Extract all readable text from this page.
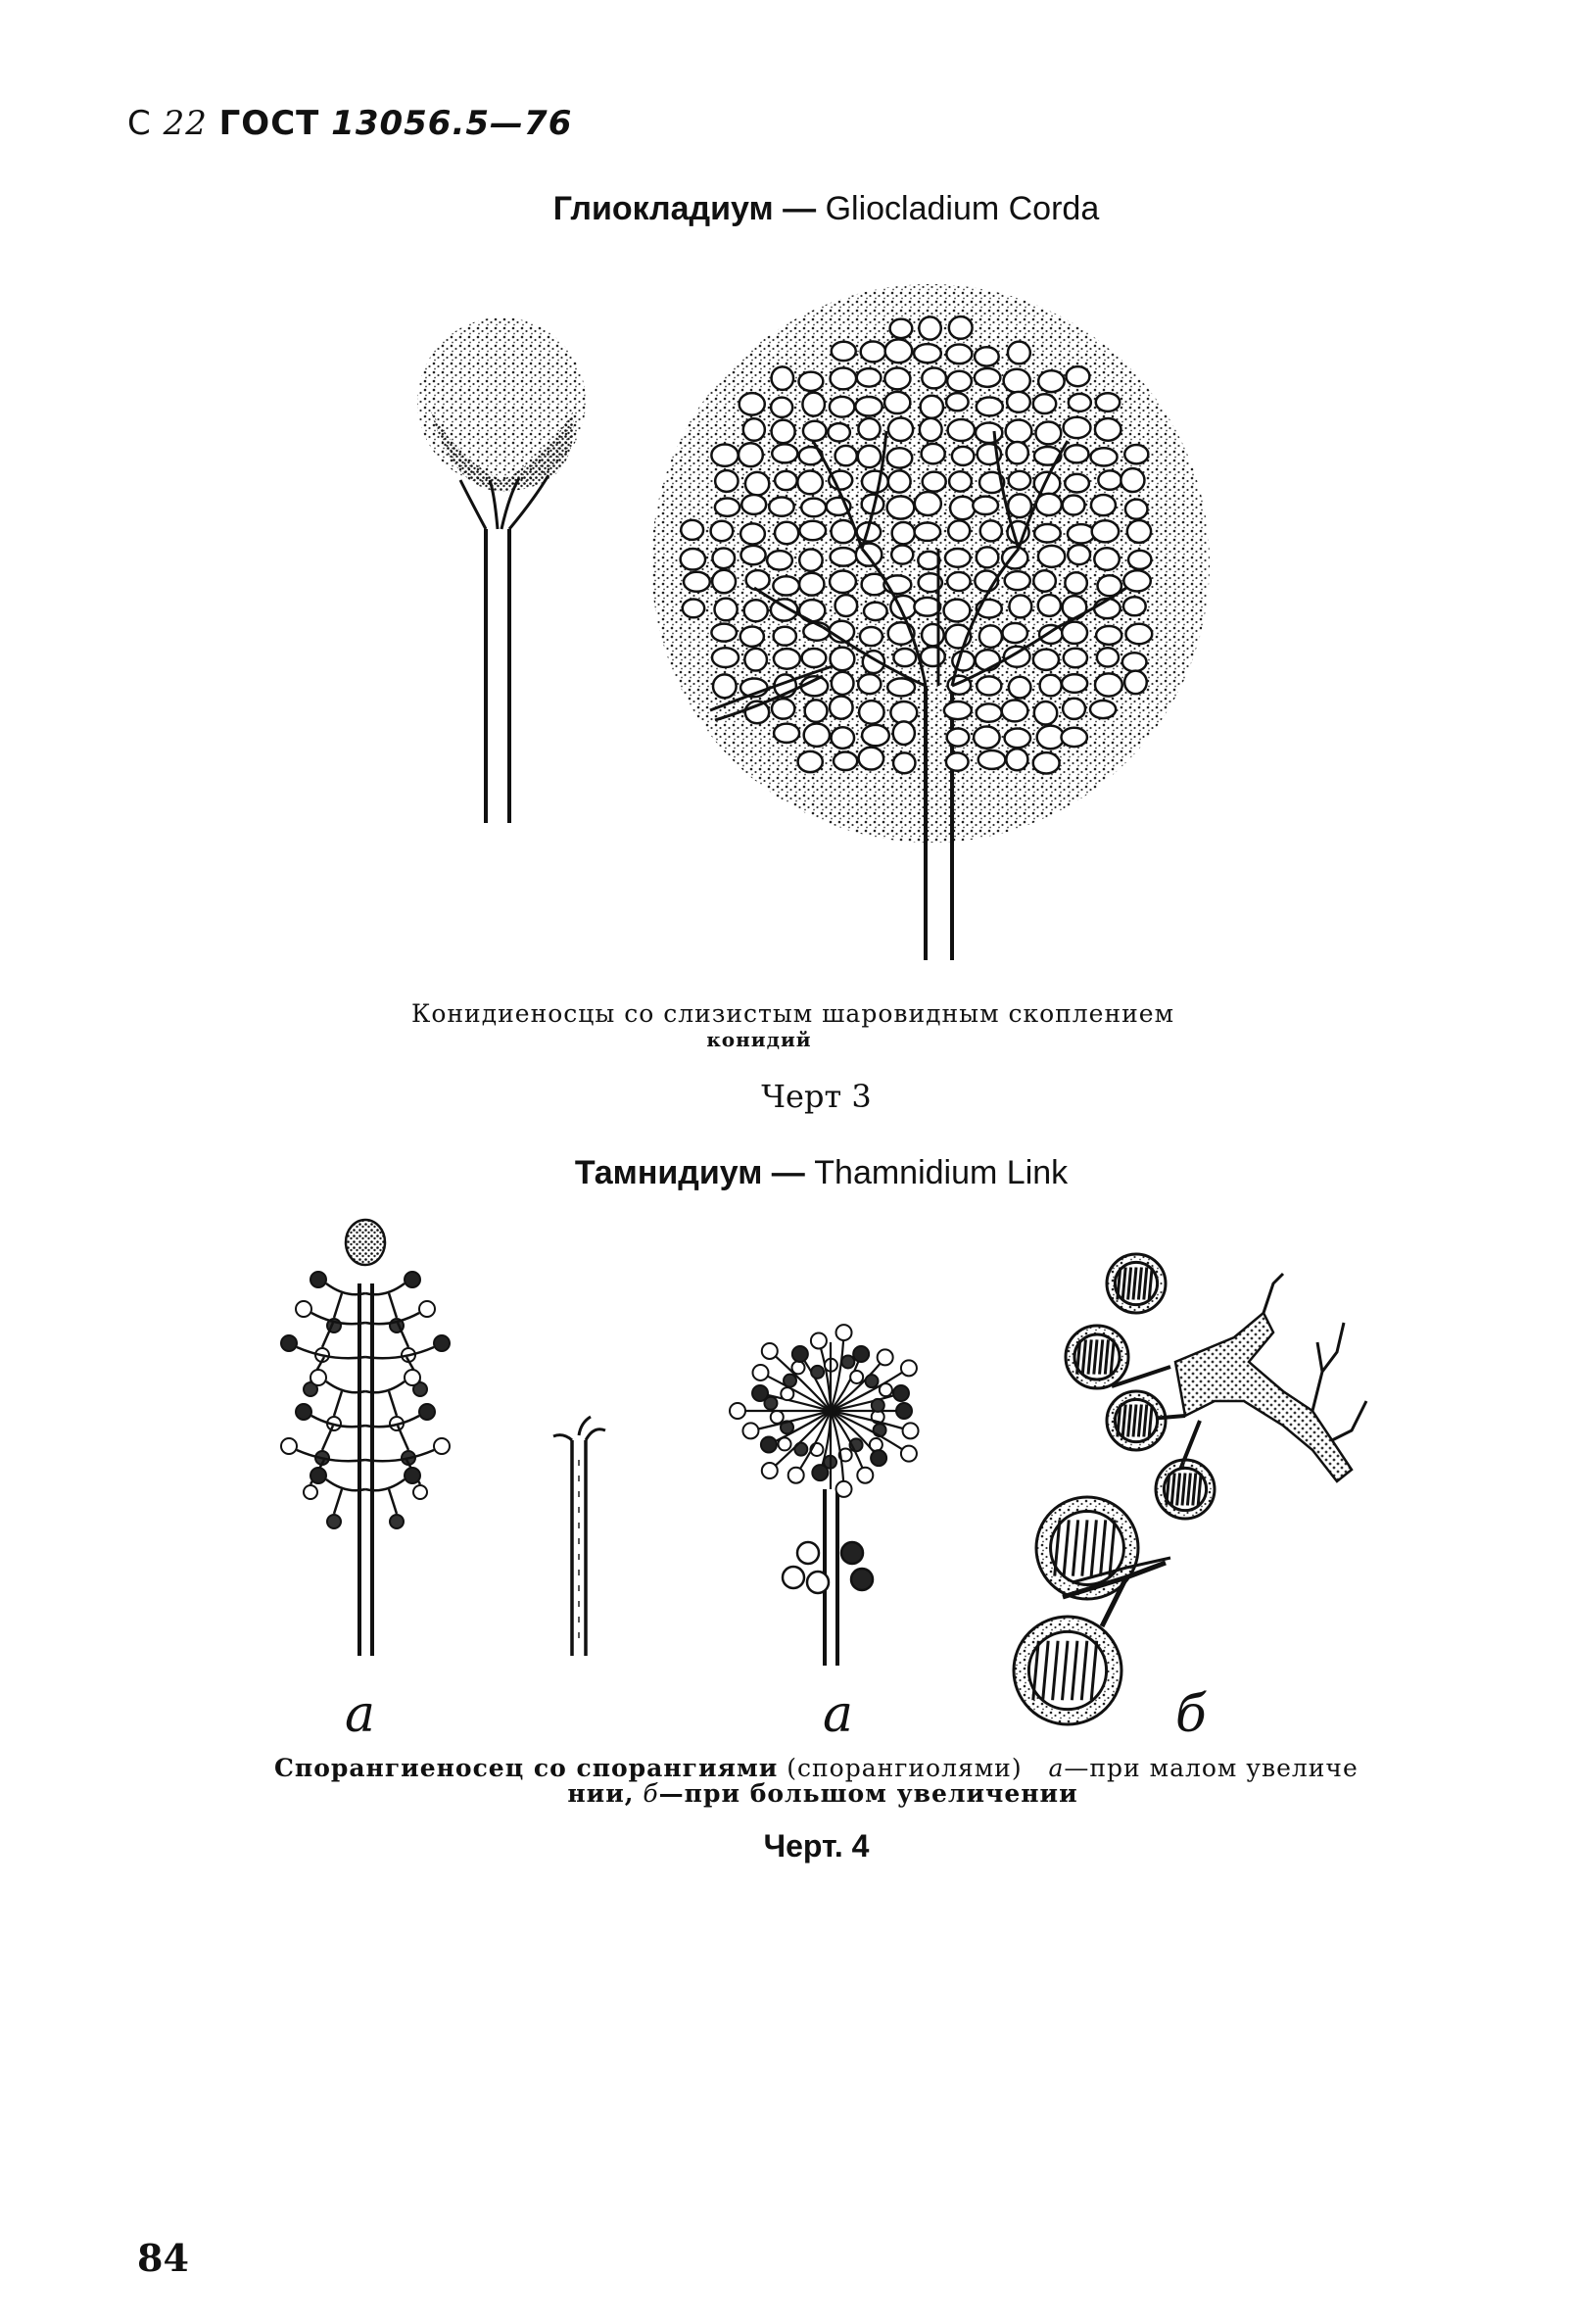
С 22 ГОСТ 13056.5—76
Глиокладиум — Gliocladium Corda
Конидиеносцы со слизистым шаровидным скоплением
конидий
Черт 3
Тамнидиум — Thamnidium Link
а	а	б
Спорангиеносец со спорангиями (спорангиолями) а—при малом увеличе
нии, б—при большом увеличении
Черт. 4
84
